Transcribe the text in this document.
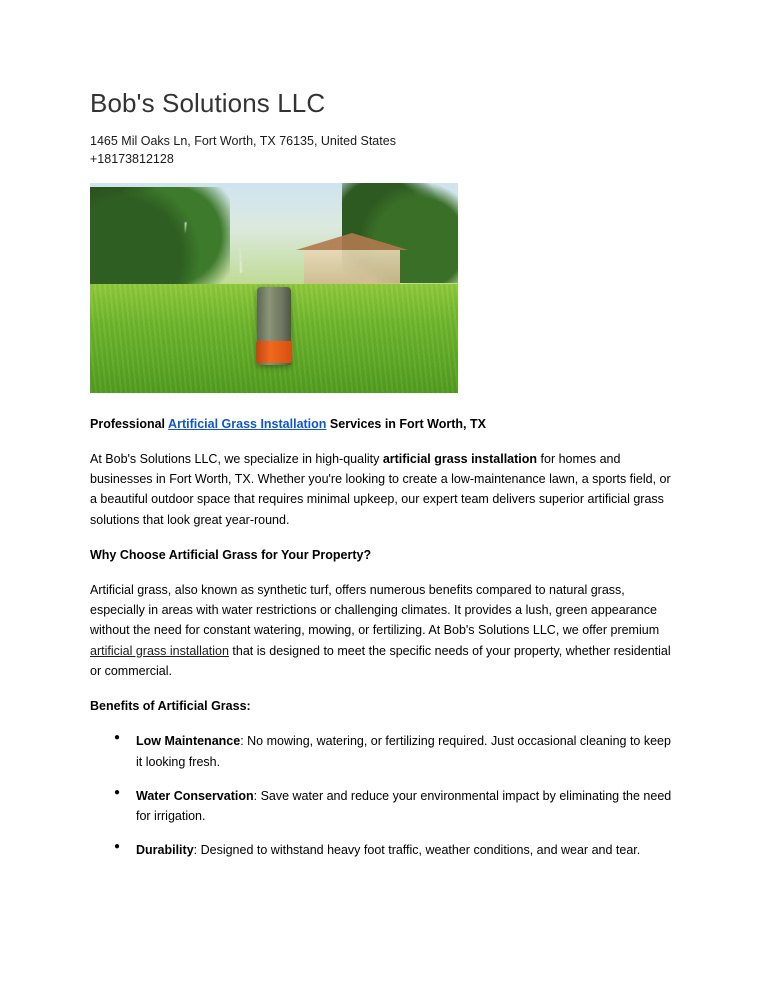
Bob's Solutions LLC

1465 Mil Oaks Ln, Fort Worth, TX 76135, United States

+18173812128

Professional Artificial Grass Installation Services in Fort Worth, TX

At Bob's Solutions LLC, we specialize in high-quality artificial grass installation for homes and businesses in Fort Worth, TX. Whether you're looking to create a low-maintenance lawn, a sports field, or a beautiful outdoor space that requires minimal upkeep, our expert team delivers superior artificial grass solutions that look great year-round.

Why Choose Artificial Grass for Your Property?

Artificial grass, also known as synthetic turf, offers numerous benefits compared to natural grass, especially in areas with water restrictions or challenging climates. It provides a lush, green appearance without the need for constant watering, mowing, or fertilizing. At Bob's Solutions LLC, we offer premium artificial grass installation that is designed to meet the specific needs of your property, whether residential or commercial.

Benefits of Artificial Grass:
● Low Maintenance: No mowing, watering, or fertilizing required. Just occasional cleaning to keep it looking fresh.
● Water Conservation: Save water and reduce your environmental impact by eliminating the need for irrigation.
● Durability: Designed to withstand heavy foot traffic, weather conditions, and wear and tear.
